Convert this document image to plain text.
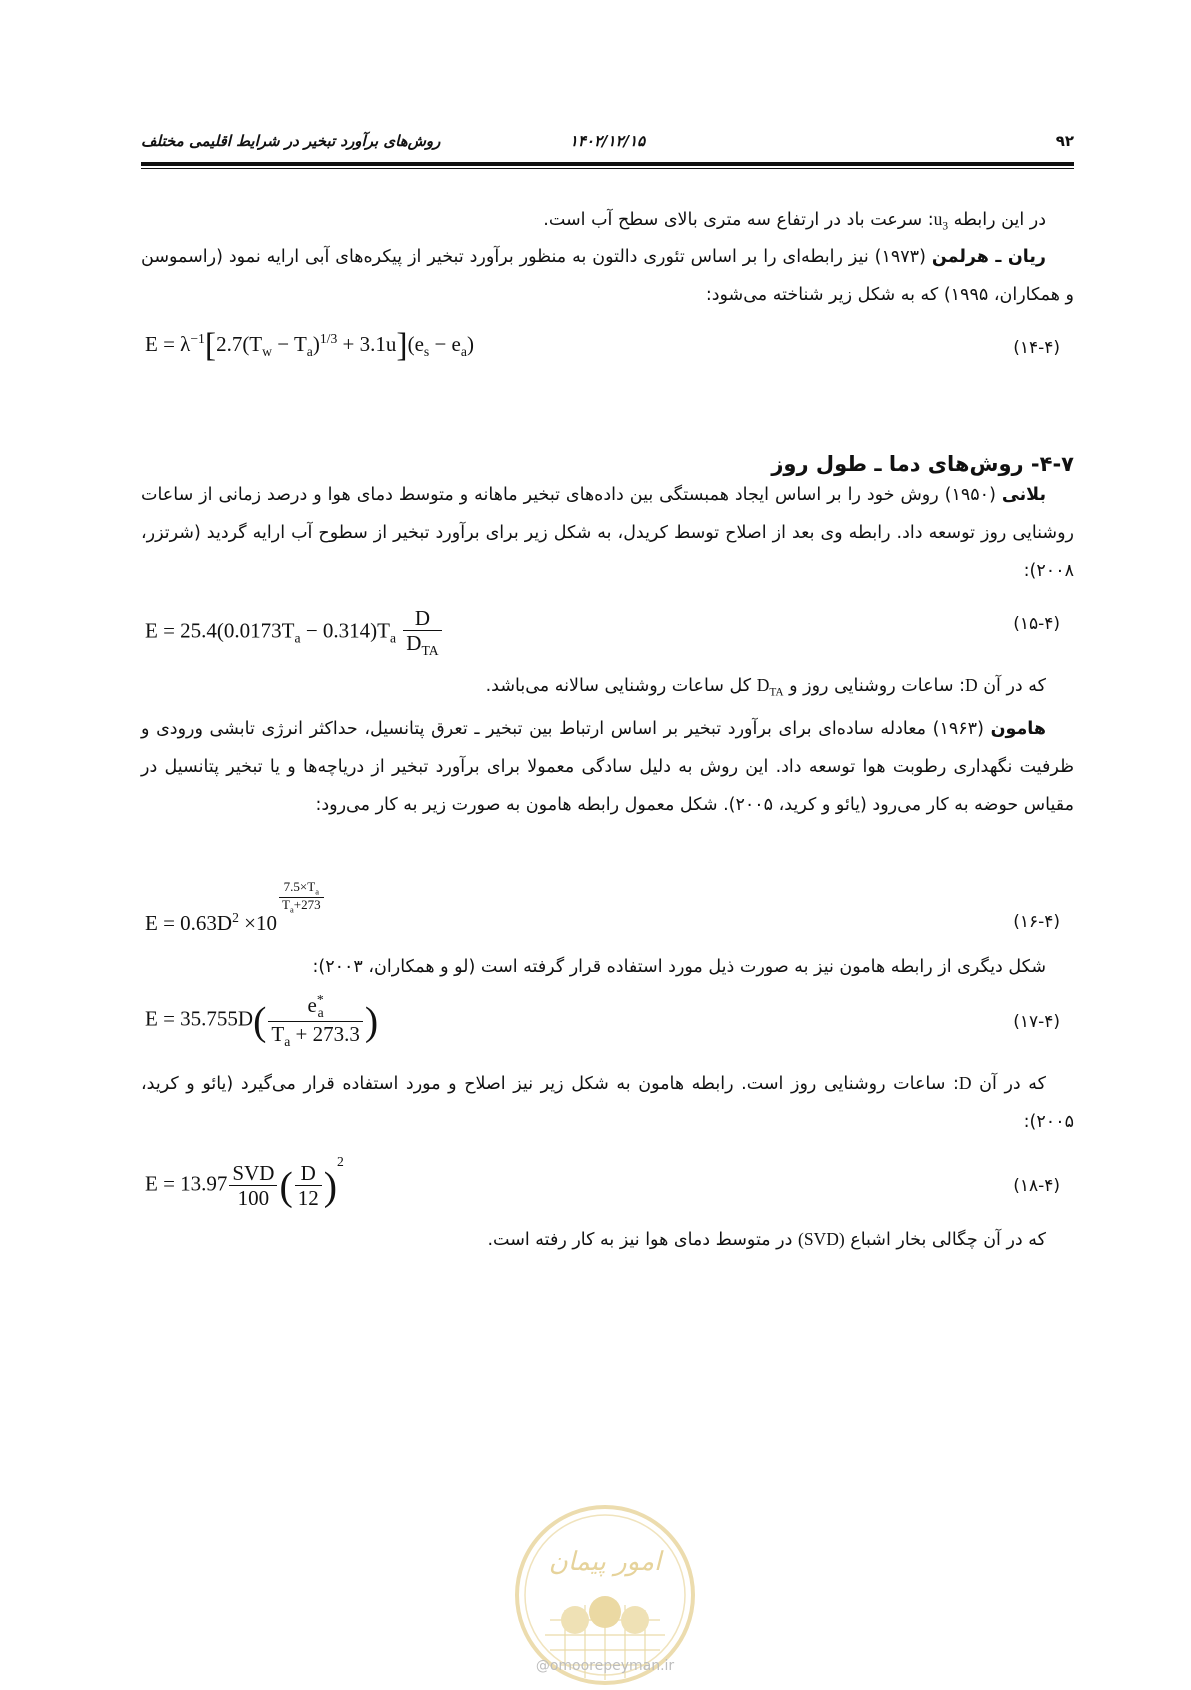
۹۲
۱۴۰۲/۱۲/۱۵
روش‌های برآورد تبخیر در شرایط اقلیمی مختلف
در این رابطه $u_3$: سرعت باد در ارتفاع سه متری بالای سطح آب است.
ریان ـ هرلمن (۱۹۷۳) نیز رابطه‌ای را بر اساس تئوری دالتون به منظور برآورد تبخیر از پیکره‌های آبی ارایه نمود (راسموسن و همکاران، ۱۹۹۵) که به شکل زیر شناخته می‌شود:
$E = \lambda^{-1}[2.7(T_w - T_a)^{1/3} + 3.1u](e_s - e_a)$	(۱۴-۴)
۴-۷- روش‌های دما ـ طول روز
بلانی (۱۹۵۰) روش خود را بر اساس ایجاد همبستگی بین داده‌های تبخیر ماهانه و متوسط دمای هوا و درصد زمانی از ساعات روشنایی روز توسعه داد. رابطه وی بعد از اصلاح توسط کریدل، به شکل زیر برای برآورد تبخیر از سطوح آب ارایه گردید (شرتزر، ۲۰۰۸):
$E = 25.4(0.0173T_a - 0.314)T_a \frac{D}{D_{TA}}$	(۱۵-۴)
که در آن D: ساعات روشنایی روز و $D_{TA}$ کل ساعات روشنایی سالانه می‌باشد.
هامون (۱۹۶۳) معادله ساده‌ای برای برآورد تبخیر بر اساس ارتباط بین تبخیر ـ تعرق پتانسیل، حداکثر انرژی تابشی ورودی و ظرفیت نگهداری رطوبت هوا توسعه داد. این روش به دلیل سادگی معمولا برای برآورد تبخیر از دریاچه‌ها و یا تبخیر پتانسیل در مقیاس حوضه به کار می‌رود (یائو و کرید، ۲۰۰۵). شکل معمول رابطه هامون به صورت زیر به کار می‌رود:
$E = 0.63D^2 \times 10$
$\frac{7.5\times T_a}{T_a+273}$
(۱۶-۴)
شکل دیگری از رابطه هامون نیز به صورت ذیل مورد استفاده قرار گرفته است (لو و همکاران، ۲۰۰۳):
$E = 35.755D( \frac{e^*_a}{T_a + 273.3}$ )	(۱۷-۴)
که در آن D: ساعات روشنایی روز است. رابطه هامون به شکل زیر نیز اصلاح و مورد استفاده قرار می‌گیرد (یائو و کرید، ۲۰۰۵):
$E = 13.97 \frac{\text{SVD}}{100}$ ( $\frac{D}{12} )^2$
(۱۸-۴)
که در آن چگالی بخار اشباع (SVD) در متوسط دمای هوا نیز به کار رفته است.
امور پیمان
@omoorepeyman.ir
